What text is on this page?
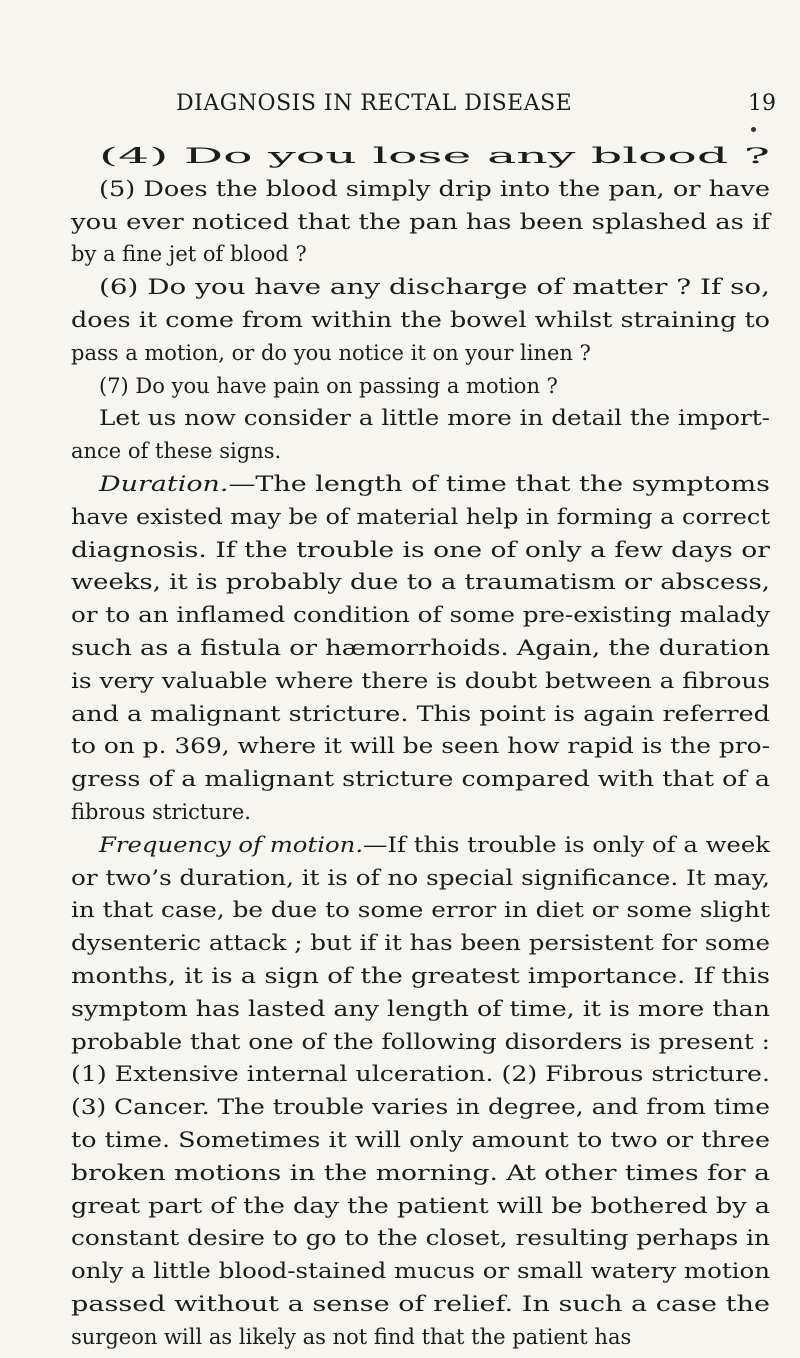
DIAGNOSIS IN RECTAL DISEASE	19
(4) Do you lose any blood ?
(5) Does the blood simply drip into the pan, or have
you ever noticed that the pan has been splashed as if
by a fine jet of blood ?
(6) Do you have any discharge of matter ? If so,
does it come from within the bowel whilst straining to
pass a motion, or do you notice it on your linen ?
(7) Do you have pain on passing a motion ?
Let us now consider a little more in detail the import-
ance of these signs.
Duration.—The length of time that the symptoms
have existed may be of material help in forming a correct
diagnosis. If the trouble is one of only a few days or
weeks, it is probably due to a traumatism or abscess,
or to an inflamed condition of some pre-existing malady
such as a fistula or hæmorrhoids. Again, the duration
is very valuable where there is doubt between a fibrous
and a malignant stricture. This point is again referred
to on p. 369, where it will be seen how rapid is the pro-
gress of a malignant stricture compared with that of a
fibrous stricture.
Frequency of motion.—If this trouble is only of a week
or two’s duration, it is of no special significance. It may,
in that case, be due to some error in diet or some slight
dysenteric attack ; but if it has been persistent for some
months, it is a sign of the greatest importance. If this
symptom has lasted any length of time, it is more than
probable that one of the following disorders is present :
(1) Extensive internal ulceration. (2) Fibrous stricture.
(3) Cancer. The trouble varies in degree, and from time
to time. Sometimes it will only amount to two or three
broken motions in the morning. At other times for a
great part of the day the patient will be bothered by a
constant desire to go to the closet, resulting perhaps in
only a little blood-stained mucus or small watery motion
passed without a sense of relief. In such a case the
surgeon will as likely as not find that the patient has
